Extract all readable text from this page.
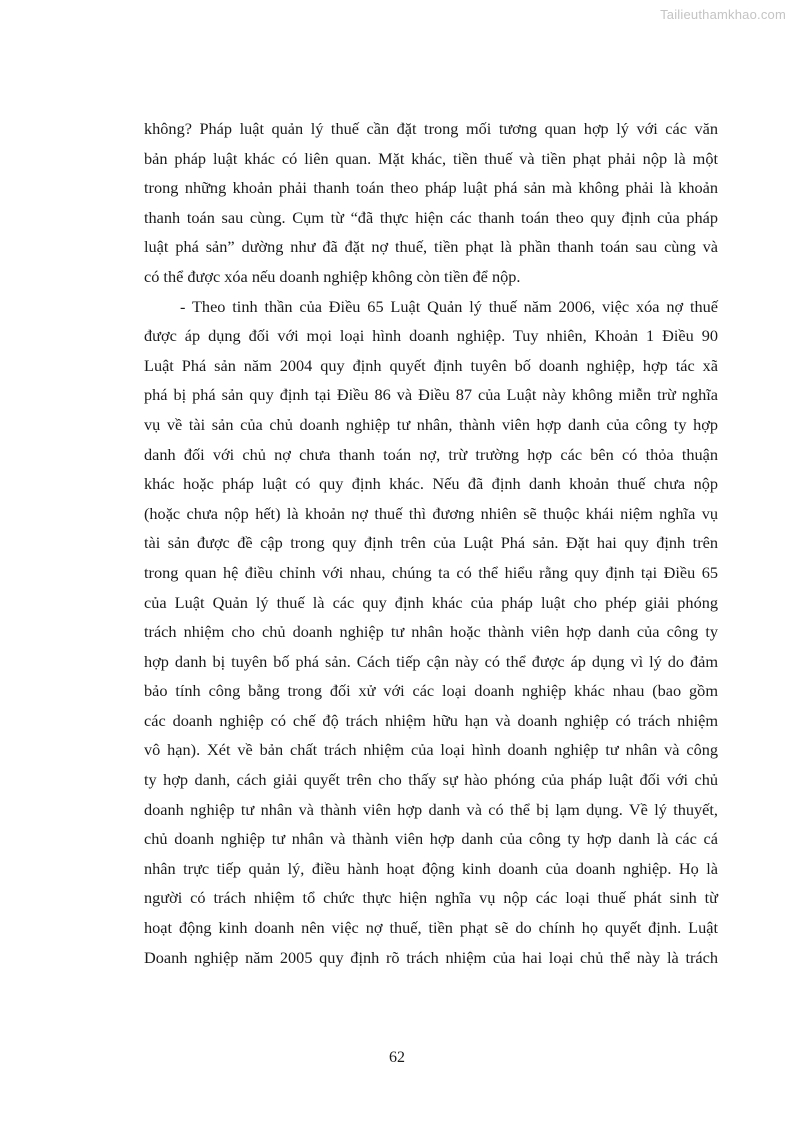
Tailieuthamkhao.com
không? Pháp luật quản lý thuế cần đặt trong mối tương quan hợp lý với các văn
bản pháp luật khác có liên quan. Mặt khác, tiền thuế và tiền phạt phải nộp là một
trong những khoản phải thanh toán theo pháp luật phá sản mà không phải là khoản
thanh toán sau cùng. Cụm từ “đã thực hiện các thanh toán theo quy định của pháp
luật phá sản” dường như đã đặt nợ thuế, tiền phạt là phần thanh toán sau cùng và
có thể được xóa nếu doanh nghiệp không còn tiền để nộp.
- Theo tinh thần của Điều 65 Luật Quản lý thuế năm 2006, việc xóa nợ thuế
được áp dụng đối với mọi loại hình doanh nghiệp. Tuy nhiên, Khoản 1 Điều 90
Luật Phá sản năm 2004 quy định quyết định tuyên bố doanh nghiệp, hợp tác xã
phá bị phá sản quy định tại Điều 86 và Điều 87 của Luật này không miễn trừ nghĩa
vụ về tài sản của chủ doanh nghiệp tư nhân, thành viên hợp danh của công ty hợp
danh đối với chủ nợ chưa thanh toán nợ, trừ trường hợp các bên có thỏa thuận
khác hoặc pháp luật có quy định khác. Nếu đã định danh khoản thuế chưa nộp
(hoặc chưa nộp hết) là khoản nợ thuế thì đương nhiên sẽ thuộc khái niệm nghĩa vụ
tài sản được đề cập trong quy định trên của Luật Phá sản. Đặt hai quy định trên
trong quan hệ điều chỉnh với nhau, chúng ta có thể hiểu rằng quy định tại Điều 65
của Luật Quản lý thuế là các quy định khác của pháp luật cho phép giải phóng
trách nhiệm cho chủ doanh nghiệp tư nhân hoặc thành viên hợp danh của công ty
hợp danh bị tuyên bố phá sản. Cách tiếp cận này có thể được áp dụng vì lý do đảm
bảo tính công bằng trong đối xử với các loại doanh nghiệp khác nhau (bao gồm
các doanh nghiệp có chế độ trách nhiệm hữu hạn và doanh nghiệp có trách nhiệm
vô hạn). Xét về bản chất trách nhiệm của loại hình doanh nghiệp tư nhân và công
ty hợp danh, cách giải quyết trên cho thấy sự hào phóng của pháp luật đối với chủ
doanh nghiệp tư nhân và thành viên hợp danh và có thể bị lạm dụng. Về lý thuyết,
chủ doanh nghiệp tư nhân và thành viên hợp danh của công ty hợp danh là các cá
nhân trực tiếp quản lý, điều hành hoạt động kinh doanh của doanh nghiệp. Họ là
người có trách nhiệm tổ chức thực hiện nghĩa vụ nộp các loại thuế phát sinh từ
hoạt động kinh doanh nên việc nợ thuế, tiền phạt sẽ do chính họ quyết định. Luật
Doanh nghiệp năm 2005 quy định rõ trách nhiệm của hai loại chủ thể này là trách
62
